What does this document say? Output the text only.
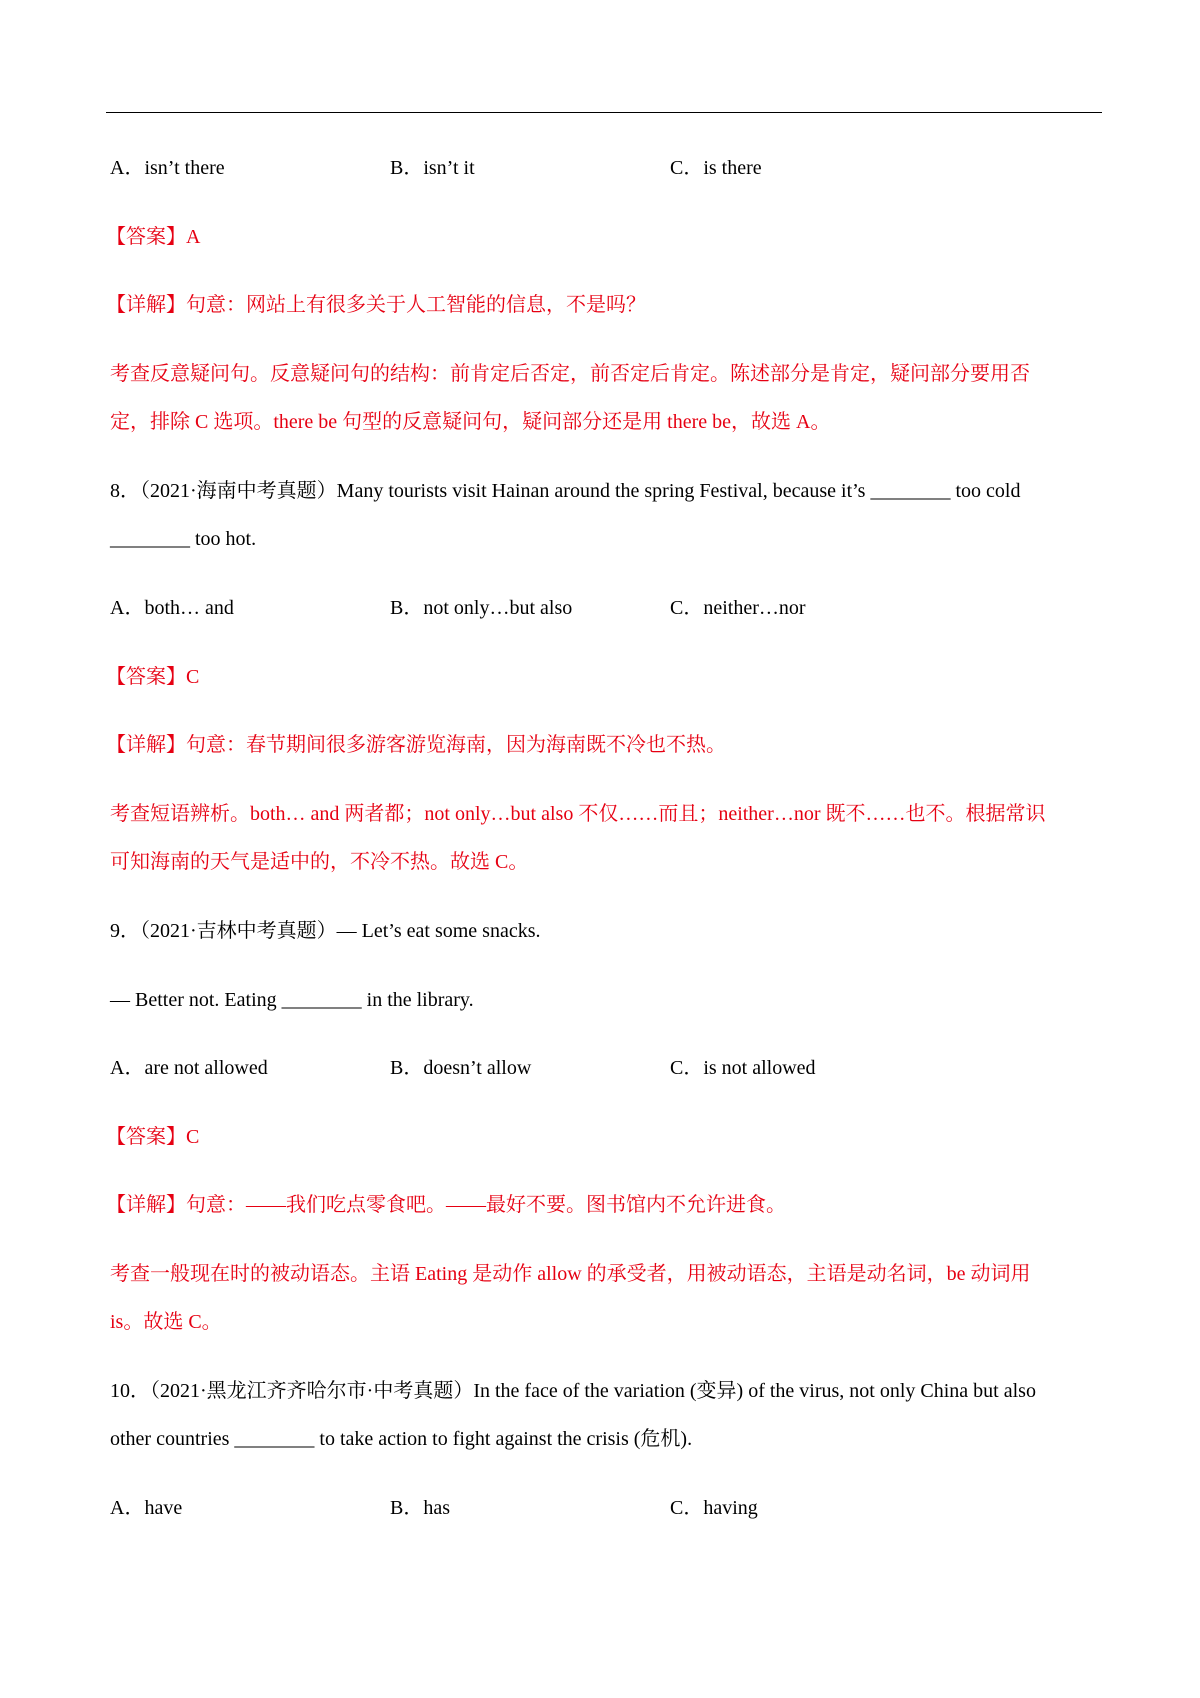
A．isn’t there	B．isn’t it	C．is there
【答案】A
【详解】句意：网站上有很多关于人工智能的信息，不是吗？
考查反意疑问句。反意疑问句的结构：前肯定后否定，前否定后肯定。陈述部分是肯定，疑问部分要用否
定，排除 C 选项。there be 句型的反意疑问句，疑问部分还是用 there be，故选 A。
8．（2021·海南中考真题）Many tourists visit Hainan around the spring Festival, because it’s ________ too cold
________ too hot.
A．both… and	B．not only…but also	C．neither…nor
【答案】C
【详解】句意：春节期间很多游客游览海南，因为海南既不冷也不热。
考查短语辨析。both… and 两者都；not only…but also 不仅……而且；neither…nor 既不……也不。根据常识
可知海南的天气是适中的，不冷不热。故选 C。
9．（2021·吉林中考真题）— Let’s eat some snacks.
— Better not. Eating ________ in the library.
A．are not allowed	B．doesn’t allow	C．is not allowed
【答案】C
【详解】句意：——我们吃点零食吧。——最好不要。图书馆内不允许进食。
考查一般现在时的被动语态。主语 Eating 是动作 allow 的承受者，用被动语态，主语是动名词，be 动词用
is。故选 C。
10．（2021·黑龙江齐齐哈尔市·中考真题）In the face of the variation (变异) of the virus, not only China but also
other countries ________ to take action to fight against the crisis (危机).
A．have	B．has	C．having
